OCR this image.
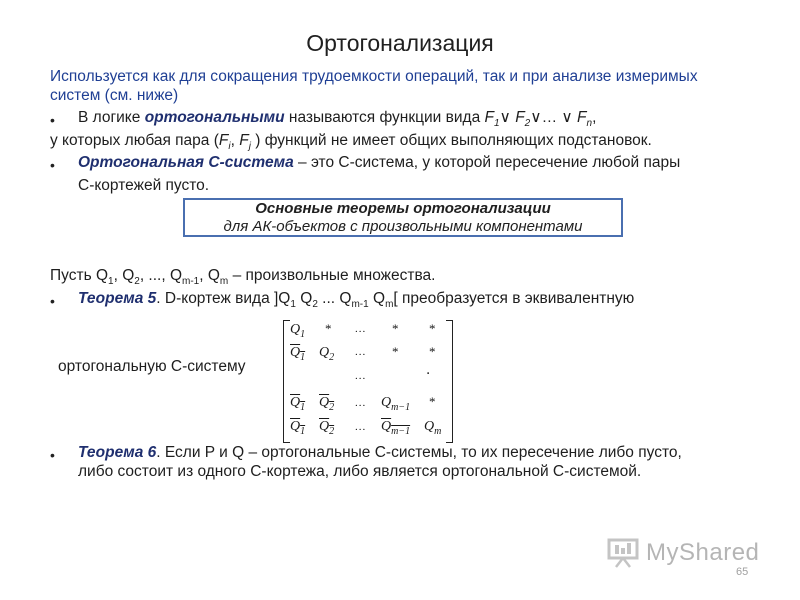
Ортогонализация
Используется как для сокращения трудоемкости операций, так и при анализе измеримых систем (см. ниже)
• В логике ортогональными называются функции вида $F_1\vee$ $F_2\vee\dots$ ∨ $F_n$,
у которых любая пара ($F_i$, $F_j$ ) функций не имеет общих выполняющих подстановок.
• Ортогональная С-система – это С-система, у которой пересечение любой пары
С-кортежей пусто.
Основные теоремы ортогонализации
для АК-объектов с произвольными компонентами
Пусть $Q_1$, $Q_2$, ..., $Q_{m-1}$, $Q_m$ – произвольные множества.
• Теорема 5. D-кортеж вида ]$Q_1$ $Q_2$ ... $Q_{m-1}$ $Q_m$[ преобразуется в эквивалентную
ортогональную С-систему
$Q_1$ * ... * *
$Q_1$ $Q_2$ ... * *
...
$Q_1$ $Q_2$ ... $Q_{m-1}$ *
$Q_1$ $Q_2$ ... $Q_{m-1}$ $Q_m$
.
• Теорема 6. Если P и Q – ортогональные С-системы, то их пересечение либо пусто,
либо состоит из одного С-кортежа, либо является ортогональной С-системой.
MyShared
65
